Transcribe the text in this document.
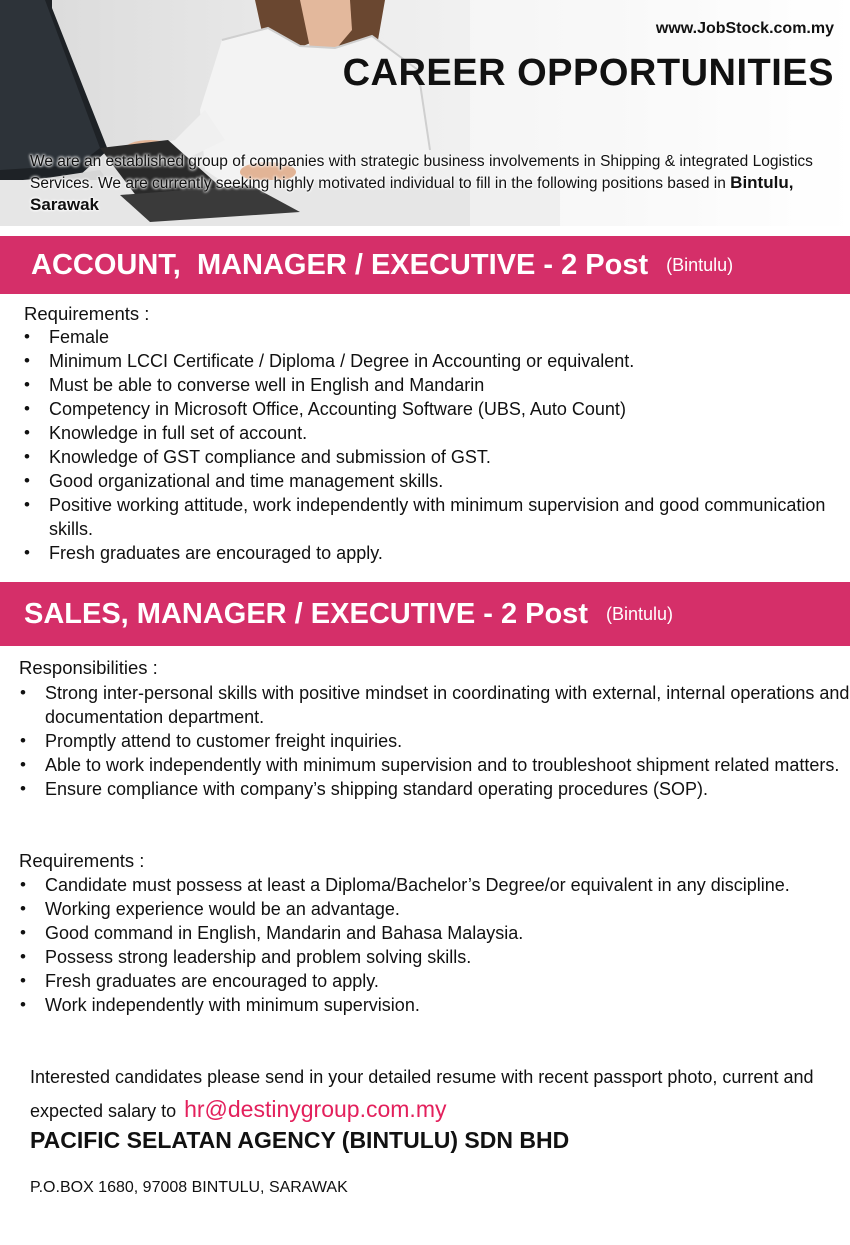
www.JobStock.com.my
CAREER OPPORTUNITIES

We are an established group of companies with strategic business involvements in Shipping & integrated Logistics Services. We are currently seeking highly motivated individual to fill in the following positions based in Bintulu, Sarawak

ACCOUNT,  MANAGER / EXECUTIVE - 2 Post (Bintulu)
Requirements :
• Female
• Minimum LCCI Certificate / Diploma / Degree in Accounting or equivalent.
• Must be able to converse well in English and Mandarin
• Competency in Microsoft Office, Accounting Software (UBS, Auto Count)
• Knowledge in full set of account.
• Knowledge of GST compliance and submission of GST.
• Good organizational and time management skills.
• Positive working attitude, work independently with minimum supervision and good communication skills.
• Fresh graduates are encouraged to apply.
SALES, MANAGER / EXECUTIVE - 2 Post (Bintulu)
Responsibilities :
• Strong inter-personal skills with positive mindset in coordinating with external, internal operations and documentation department.
• Promptly attend to customer freight inquiries.
• Able to work independently with minimum supervision and to troubleshoot shipment related matters.
• Ensure compliance with company’s shipping standard operating procedures (SOP).
Requirements :
• Candidate must possess at least a Diploma/Bachelor’s Degree/or equivalent in any discipline.
• Working experience would be an advantage.
• Good command in English, Mandarin and Bahasa Malaysia.
• Possess strong leadership and problem solving skills.
• Fresh graduates are encouraged to apply.
• Work independently with minimum supervision.

Interested candidates please send in your detailed resume with recent passport photo, current and expected salary to hr@destinygroup.com.my

PACIFIC SELATAN AGENCY (BINTULU) SDN BHD

P.O.BOX 1680, 97008 BINTULU, SARAWAK
